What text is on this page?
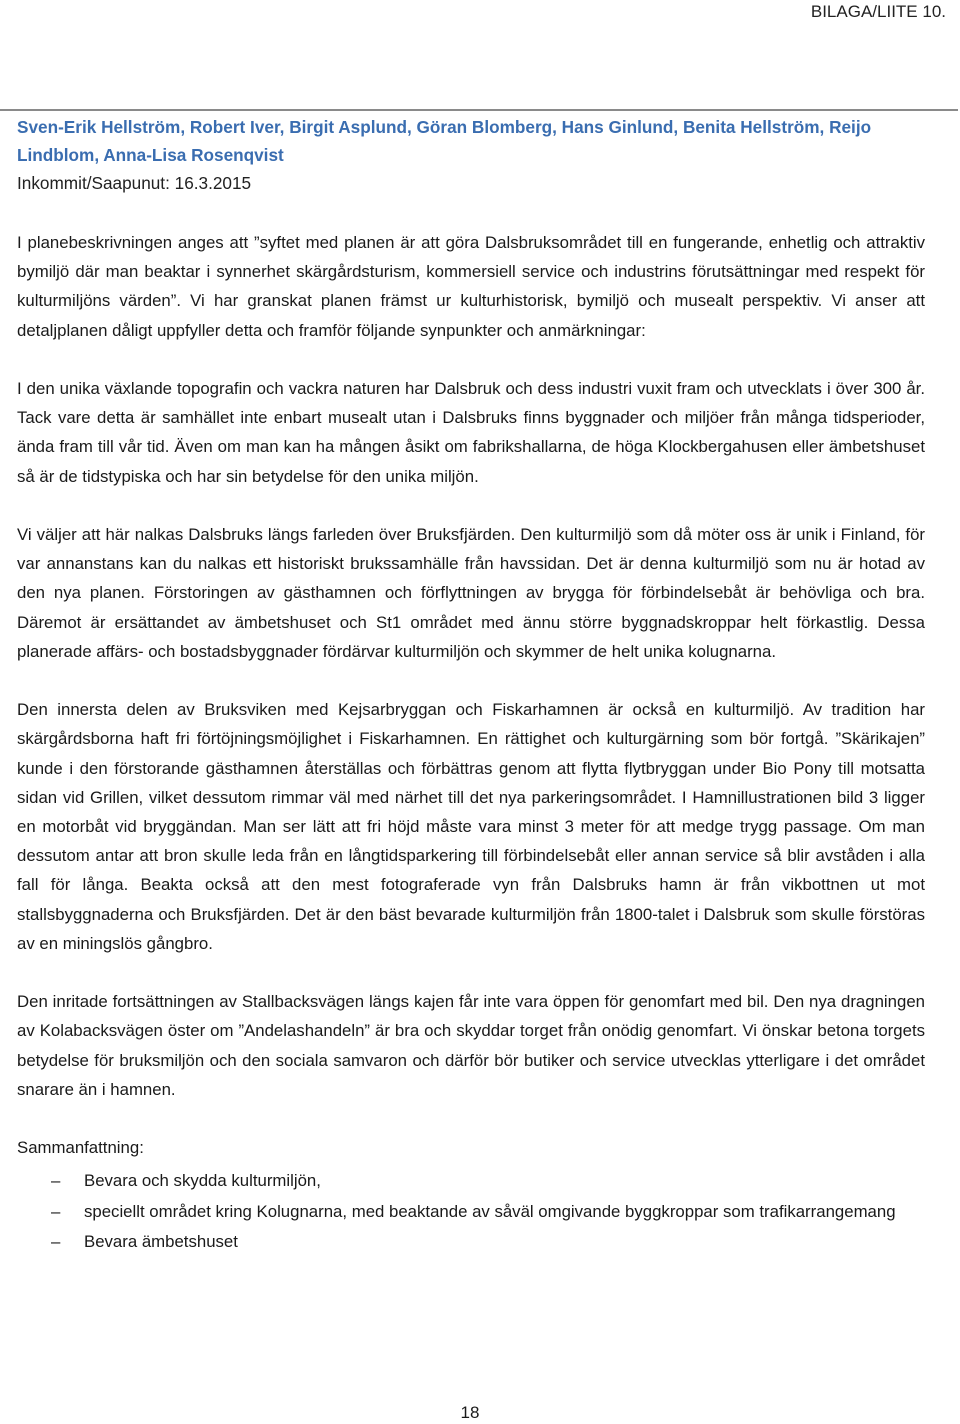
BILAGA/LIITE 10.
Sven-Erik Hellström, Robert Iver, Birgit Asplund, Göran Blomberg, Hans Ginlund, Benita Hellström, Reijo Lindblom, Anna-Lisa Rosenqvist
Inkommit/Saapunut: 16.3.2015

I planebeskrivningen anges att ”syftet med planen är att göra Dalsbruksområdet till en fungerande, enhetlig och attraktiv bymiljö där man beaktar i synnerhet skärgårdsturism, kommersiell service och industrins förutsättningar med respekt för kulturmiljöns värden”. Vi har granskat planen främst ur kulturhistorisk, bymiljö och musealt perspektiv. Vi anser att detaljplanen dåligt uppfyller detta och framför följande synpunkter och anmärkningar:

I den unika växlande topografin och vackra naturen har Dalsbruk och dess industri vuxit fram och utvecklats i över 300 år. Tack vare detta är samhället inte enbart musealt utan i Dalsbruks finns byggnader och miljöer från många tidsperioder, ända fram till vår tid. Även om man kan ha mången åsikt om fabrikshallarna, de höga Klockbergahusen eller ämbetshuset så är de tidstypiska och har sin betydelse för den unika miljön.

Vi väljer att här nalkas Dalsbruks längs farleden över Bruksfjärden. Den kulturmiljö som då möter oss är unik i Finland, för var annanstans kan du nalkas ett historiskt brukssamhälle från havssidan. Det är denna kulturmiljö som nu är hotad av den nya planen. Förstoringen av gästhamnen och förflyttningen av brygga för förbindelsebåt är behövliga och bra. Däremot är ersättandet av ämbetshuset och St1 området med ännu större byggnadskroppar helt förkastlig. Dessa planerade affärs- och bostadsbyggnader fördärvar kulturmiljön och skymmer de helt unika kolugnarna.

Den innersta delen av Bruksviken med Kejsarbryggan och Fiskarhamnen är också en kulturmiljö. Av tradition har skärgårdsborna haft fri förtöjningsmöjlighet i Fiskarhamnen. En rättighet och kulturgärning som bör fortgå. ”Skärikajen” kunde i den förstorande gästhamnen återställas och förbättras genom att flytta flytbryggan under Bio Pony till motsatta sidan vid Grillen, vilket dessutom rimmar väl med närhet till det nya parkeringsområdet. I Hamnillustrationen bild 3 ligger en motorbåt vid bryggändan. Man ser lätt att fri höjd måste vara minst 3 meter för att medge trygg passage. Om man dessutom antar att bron skulle leda från en långtidsparkering till förbindelsebåt eller annan service så blir avståden i alla fall för långa. Beakta också att den mest fotograferade vyn från Dalsbruks hamn är från vikbottnen ut mot stallsbyggnaderna och Bruksfjärden. Det är den bäst bevarade kulturmiljön från 1800-talet i Dalsbruk som skulle förstöras av en miningslös gångbro.

Den inritade fortsättningen av Stallbacksvägen längs kajen får inte vara öppen för genomfart med bil. Den nya dragningen av Kolabacksvägen öster om ”Andelashandeln” är bra och skyddar torget från onödig genomfart. Vi önskar betona torgets betydelse för bruksmiljön och den sociala samvaron och därför bör butiker och service utvecklas ytterligare i det området snarare än i hamnen.

Sammanfattning:
– Bevara och skydda kulturmiljön,
– speciellt området kring Kolugnarna, med beaktande av såväl omgivande byggkroppar som trafikarrangemang
– Bevara ämbetshuset
18
